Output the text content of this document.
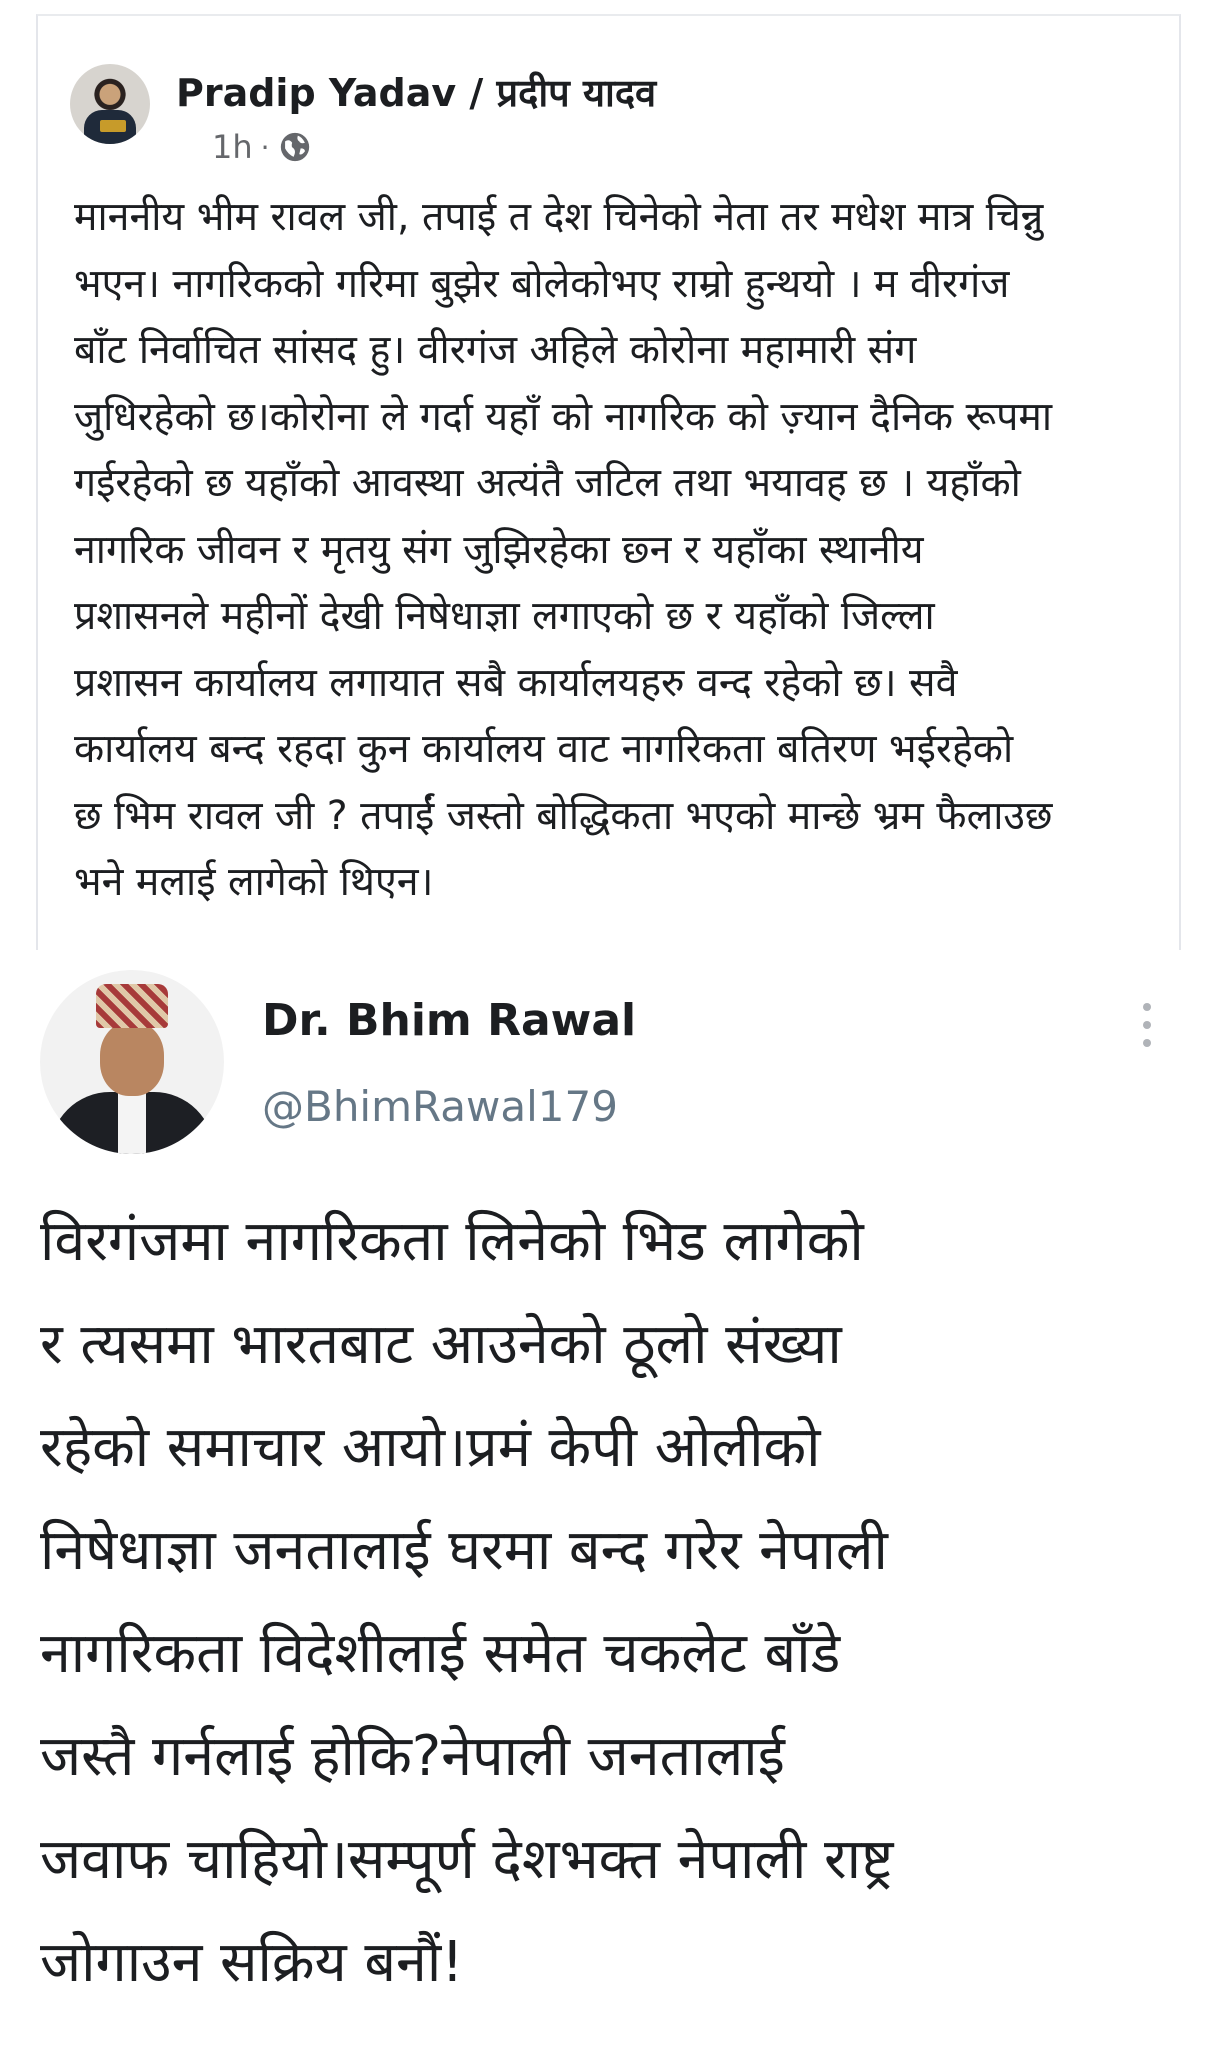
Pradip Yadav / प्रदीप यादव
1h ·
माननीय भीम रावल जी, तपाई त देश चिनेको नेता तर मधेश मात्र चिन्नु
भएन। नागरिकको गरिमा बुझेर बोलेकोभए राम्रो हुन्थयो । म वीरगंज
बाँट निर्वाचित सांसद हु। वीरगंज अहिले कोरोना महामारी संग
जुधिरहेको छ।कोरोना ले गर्दा यहाँ को नागरिक को ज़्यान दैनिक रूपमा
गईरहेको छ यहाँको आवस्था अत्यंतै जटिल तथा भयावह छ । यहाँको
नागरिक जीवन र मृतयु संग जुझिरहेका छ्न र यहाँका स्थानीय
प्रशासनले महीनों देखी निषेधाज्ञा लगाएको छ र यहाँको जिल्ला
प्रशासन कार्यालय लगायात सबै कार्यालयहरु वन्द रहेको छ। सवै
कार्यालय बन्द रहदा कुन कार्यालय वाट नागरिकता बतिरण भईरहेको
छ भिम रावल जी ? तपाईं जस्तो बोद्धिकता भएको मान्छे भ्रम फैलाउछ
भने मलाई लागेको थिएन।
Dr. Bhim Rawal
@BhimRawal179
विरगंजमा नागरिकता लिनेको भिड लागेको
र त्यसमा भारतबाट आउनेको ठूलो संख्या
रहेको समाचार आयो।प्रमं केपी ओलीको
निषेधाज्ञा जनतालाई घरमा बन्द गरेर नेपाली
नागरिकता विदेशीलाई समेत चकलेट बाँडे
जस्तै गर्नलाई होकि?नेपाली जनतालाई
जवाफ चाहियो।सम्पूर्ण देशभक्त नेपाली राष्ट्र
जोगाउन सक्रिय बनौं!
